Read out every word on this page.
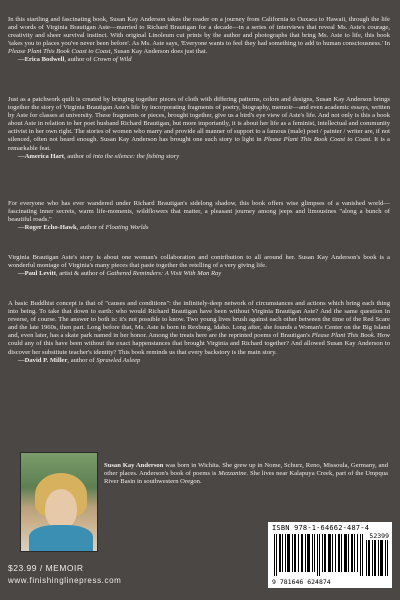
In this startling and fascinating book, Susan Kay Anderson takes the reader on a journey from California to Oaxaca to Hawaii, through the life and words of Virginia Brautigan Aste—married to Richard Brautigan for a decade—in a series of interviews that reveal Ms. Aste's courage, creativity and sheer survival instinct. With original Linoleum cut prints by the author and photographs that bring Ms. Aste to life, this book 'takes you to places you've never been before'. As Ms. Aste says, 'Everyone wants to feel they had something to add to human consciousness.' In Please Plant This Book Coast to Coast, Susan Kay Anderson does just that.
—Erica Bodwell, author of Crown of Wild

Just as a patchwork quilt is created by bringing together pieces of cloth with differing patterns, colors and designs, Susan Kay Anderson brings together the story of Virginia Brautigan Aste's life by incorporating fragments of poetry, biography, memoir—and even academic essays, written by Aste for classes at university. These fragments or pieces, brought together, give us a bird's eye view of Aste's life. And not only is this a book about Aste in relation to her poet husband Richard Brautigan, but more importantly, it is about her life as a feminist, intellectual and community activist in her own right. The stories of women who marry and provide all manner of support to a famous (male) poet / painter / writer are, if not silenced, often not heard enough. Susan Kay Anderson has brought one such story to light in Please Plant This Book Coast to Coast. It is a remarkable feat.
—America Hart, author of into the silence: the fishing story

For everyone who has ever wandered under Richard Brautigan's sidelong shadow, this book offers wise glimpses of a vanished world—fascinating inner secrets, warm life-moments, wildflowers that matter, a pleasant journey among jeeps and limousines "along a bunch of beautiful roads."
—Roger Echo-Hawk, author of Floating Worlds

Virginia Brautigan Aste's story is about one woman's collaboration and contribution to all around her. Susan Kay Anderson's book is a wonderful montage of Virginia's many pieces that paste together the retelling of a very giving life.
—Paul Levitt, artist & author of Gathered Reminders: A Visit With Man Ray

A basic Buddhist concept is that of "causes and conditions": the infinitely-deep network of circumstances and actions which bring each thing into being. To take that down to earth: who would Richard Brautigan have been without Virginia Brautigan Aste? And the same question in reverse, of course. The answer to both is: it's not possible to know. Two young lives brush against each other between the time of the Red Scare and the late 1960s, then part. Long before that, Ms. Aste is born in Rexburg, Idaho. Long after, she founds a Woman's Center on the Big Island and, even later, has a skate park named in her honor. Among the treats here are the reprinted poems of Brautigan's Please Plant This Book. How could any of this have been without the exact happenstances that brought Virginia and Richard together? And allowed Susan Kay Anderson to discover her substitute teacher's identity? This book reminds us that every backstory is the main story.
—David P. Miller, author of Sprawled Asleep

Susan Kay Anderson was born in Wichita. She grew up in Nome, Schurz, Reno, Missoula, Germany, and other places. Anderson's book of poems is Mezzanine. She lives near Kalapuya Creek, part of the Umpqua River Basin in southwestern Oregon.

ISBN 978-1-64662-487-4
52399
9 781646 624874
$23.99 / MEMOIR
www.finishinglinepress.com
